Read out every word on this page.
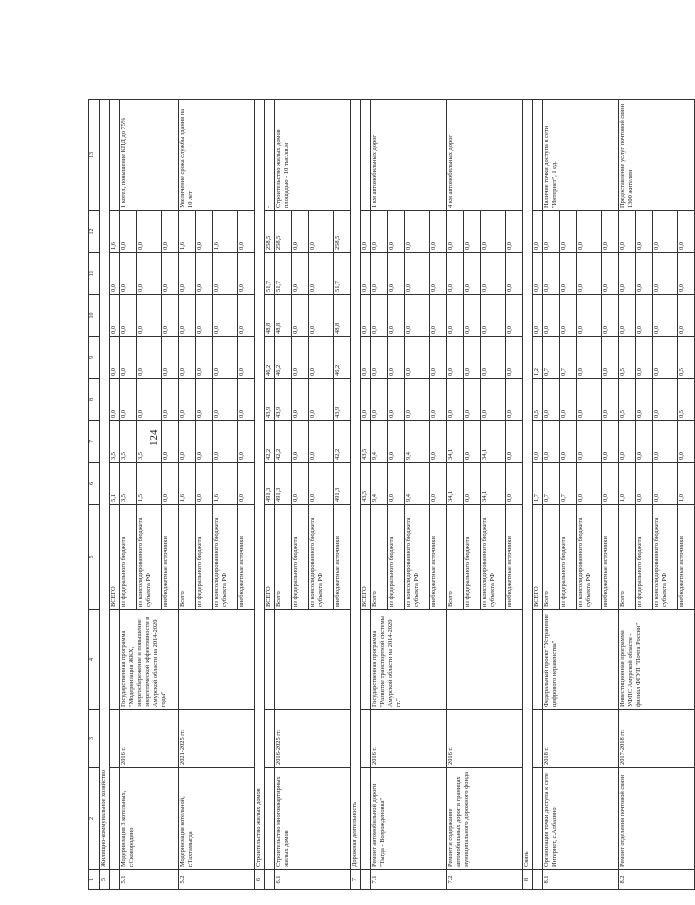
124
1	2	3	4	5	6	7	8	9	10	11	12	13
5	Жилищно-коммунальное хозяйство											
				ВСЕГО	5,1	3,5	0,0	0,0	0,0	0,0	1,6	
5.1	Модернизация 3 котельных, г.Сковородино	2016 г.	Государственная программа "Модернизация ЖКХ, энергосбережение и повышение энергетической эффективности в Амурской области на 2014-2020 годы"	из федерального бюджета	3,5	3,5	0,0	0,0	0,0	0,0	0,0	1 котел, повышение КПД до 75%
				из консолидированного бюджета субъекта РФ	1,5	3,5	0,0	0,0	0,0	0,0	0,0	
				внебюджетные источники	0,0	0,0	0,0	0,0	0,0	0,0	0,0	
5.2	Модернизация котельной, г.Тахтамыгда	2021-2025 гг.		Всего	1,6	0,0	0,0	0,0	0,0	0,0	1,6	Увеличение срока службы здания на 10 лет
				из федерального бюджета	0,0	0,0	0,0	0,0	0,0	0,0	0,0	
				из консолидированного бюджета субъекта РФ	1,6	0,0	0,0	0,0	0,0	0,0	1,6	
				внебюджетные источники	0,0	0,0	0,0	0,0	0,0	0,0	0,0	
6	Строительство жилых домов											
				ВСЕГО	491,3	42,2	43,9	46,2	48,8	51,7	258,5	-
6.1	Строительство многоквартирных жилых домов	2016-2025 гг.		Всего	491,3	42,2	43,9	46,2	48,8	51,7	258,5	Строительство жилых домов площадью - 10 тыс.кв.м
				из федерального бюджета	0,0	0,0	0,0	0,0	0,0	0,0	0,0	
				из консолидированного бюджета субъекта РФ	0,0	0,0	0,0	0,0	0,0	0,0	0,0	
				внебюджетные источники	491,3	42,2	43,9	46,2	48,8	51,7	258,5	
7	Дорожная деятельность											
				ВСЕГО	43,5	43,5	0,0	0,0	0,0	0,0	0,0	
7.1	Ремонт автомобильной дороги "Тыгда - Возрожденовка"	2016 г.	Государственная программа "Развитие транспортной системы Амурской области на 2014-2020 гг."	Всего	9,4	9,4	0,0	0,0	0,0	0,0	0,0	1 км автомобильных дорог
				из федерального бюджета	0,0	0,0	0,0	0,0	0,0	0,0	0,0	
				из консолидированного бюджета субъекта РФ	9,4	9,4	0,0	0,0	0,0	0,0	0,0	
				внебюджетные источники	0,0	0,0	0,0	0,0	0,0	0,0	0,0	
7.2	Ремонт и содержание автомобильных дорог в границах муниципального дорожного фонда	2016 г.		Всего	34,1	34,1	0,0	0,0	0,0	0,0	0,0	4 км автомобильных дорог
				из федерального бюджета	0,0	0,0	0,0	0,0	0,0	0,0	0,0	
				из консолидированного бюджета субъекта РФ	34,1	34,1	0,0	0,0	0,0	0,0	0,0	
				внебюджетные источники	0,0	0,0	0,0	0,0	0,0	0,0	0,0	
8	Связь											
				ВСЕГО	1,7	0,0	0,5	1,2	0,0	0,0	0,0	
8.1	Организация точки доступа к сети Интернет, с.Албазино	2018 г.	Федеральный проект "Устранение цифрового неравенства"	Всего	0,7	0,0	0,0	0,7	0,0	0,0	0,0	Наличие точки доступа к сети "Интернет", 1 ед.
				из федерального бюджета	0,7	0,0	0,0	0,7	0,0	0,0	0,0	
				из консолидированного бюджета субъекта РФ	0,0	0,0	0,0	0,0	0,0	0,0	0,0	
				внебюджетные источники	0,0	0,0	0,0	0,0	0,0	0,0	0,0	
8.2	Ремонт отделения почтовой связи	2017-2018 гг.	Инвестиционная программа УФПС Амурской области - филиал ФГУП "Почта России"	Всего	1,0	0,0	0,5	0,5	0,0	0,0	0,0	Предоставление услуг почтовой связи 1300 жителям
				из федерального бюджета	0,0	0,0	0,0	0,0	0,0	0,0	0,0	
				из консолидированного бюджета субъекта РФ	0,0	0,0	0,0	0,0	0,0	0,0	0,0	
				внебюджетные источники	1,0	0,0	0,5	0,5	0,0	0,0	0,0	
